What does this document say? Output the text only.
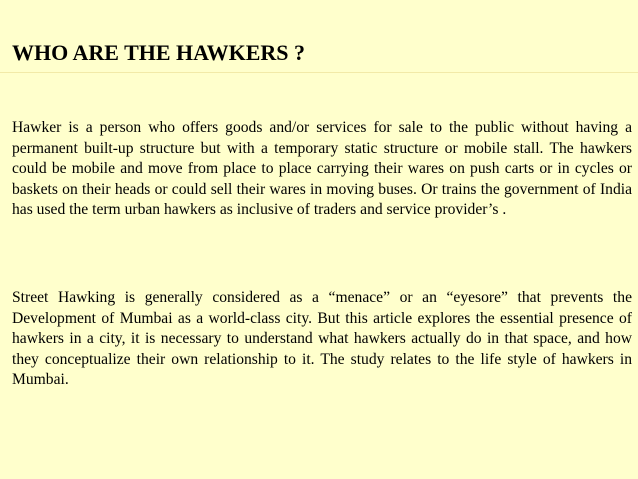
WHO ARE THE HAWKERS ?

Hawker is a person who offers goods and/or services for sale to the public without having a permanent built-up structure but with a temporary static structure or mobile stall. The hawkers could be mobile and move from place to place carrying their wares on push carts or in cycles or baskets on their heads or could sell their wares in moving buses. Or trains the government of India has used the term urban hawkers as inclusive of traders and service provider’s .

Street Hawking is generally considered as a “menace” or an “eyesore” that prevents the Development of Mumbai as a world-class city. But this article explores the essential presence of hawkers in a city, it is necessary to understand what hawkers actually do in that space, and how they conceptualize their own relationship to it. The study relates to the life style of hawkers in Mumbai.
